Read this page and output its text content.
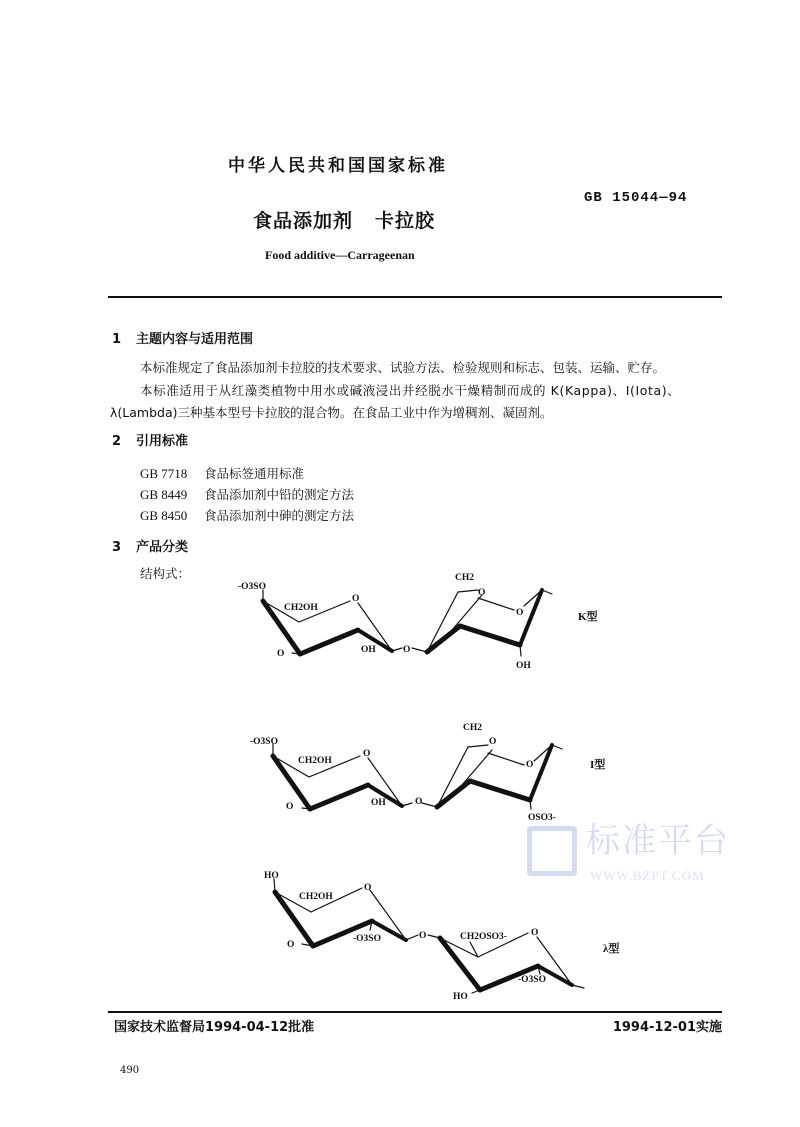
中华人民共和国国家标准
GB 15044—94
食品添加剂 卡拉胶
Food additive—Carrageenan
1 主题内容与适用范围
本标准规定了食品添加剂卡拉胶的技术要求、试验方法、检验规则和标志、包装、运输、贮存。
本标准适用于从红藻类植物中用水或碱液浸出并经脱水干燥精制而成的 K(Kappa)、I(Iota)、
λ(Lambda)三种基本型号卡拉胶的混合物。在食品工业中作为增稠剂、凝固剂。
2 引用标准
GB 7718 食品标签通用标准
GB 8449 食品添加剂中铅的测定方法
GB 8450 食品添加剂中砷的测定方法
3 产品分类
结构式：
标准平台
WWW.BZPT.COM
-O3SO
CH2OH
O
OH
O	O
CH2
O
O
OH
K型
-O3SO
CH2OH
O
OH
O	O
CH2
O
O
OSO3-
I型
HO
CH2OH
O
-O3SO
O
O	CH2OSO3-	O
HO
-O3SO
λ型
国家技术监督局1994-04-12批准	1994-12-01实施
490
